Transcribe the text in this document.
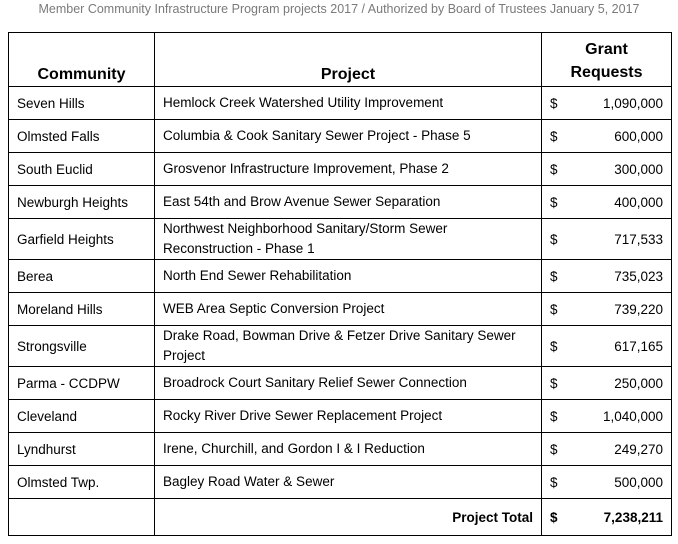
Member Community Infrastructure Program projects 2017 / Authorized by Board of Trustees January 5, 2017
Community	Project	Grant
Requests

Seven Hills	Hemlock Creek Watershed Utility Improvement	$ 1,090,000

Olmsted Falls	Columbia & Cook Sanitary Sewer Project - Phase 5	$ 600,000

South Euclid	Grosvenor Infrastructure Improvement, Phase 2	$ 300,000

Newburgh Heights	East 54th and Brow Avenue Sewer Separation	$ 400,000

Garfield Heights	Northwest Neighborhood Sanitary/Storm Sewer Reconstruction - Phase 1	$ 717,533

Berea	North End Sewer Rehabilitation	$ 735,023

Moreland Hills	WEB Area Septic Conversion Project	$ 739,220

Strongsville	Drake Road, Bowman Drive & Fetzer Drive Sanitary Sewer Project	$ 617,165

Parma - CCDPW	Broadrock Court Sanitary Relief Sewer Connection	$ 250,000

Cleveland	Rocky River Drive Sewer Replacement Project	$ 1,040,000

Lyndhurst	Irene, Churchill, and Gordon I & I Reduction	$ 249,270

Olmsted Twp.	Bagley Road Water & Sewer	$ 500,000

	Project Total	$ 7,238,211
